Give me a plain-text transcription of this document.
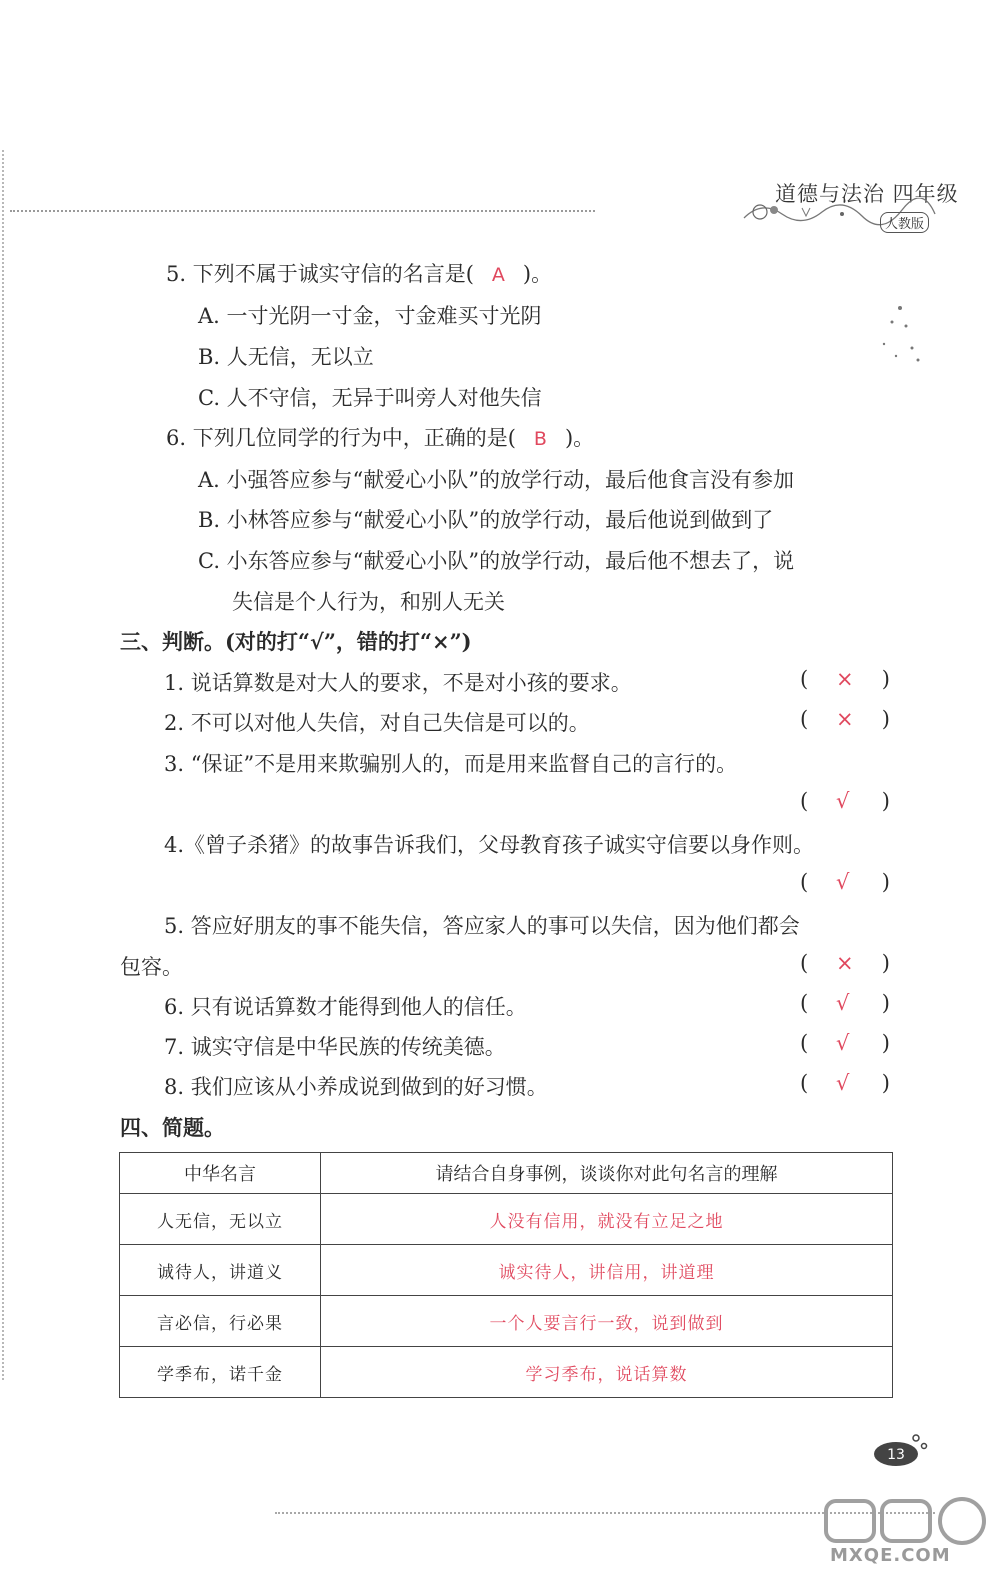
道德与法治 四年级
人教版
5. 下列不属于诚实守信的名言是( A )。
A. 一寸光阴一寸金，寸金难买寸光阴
B. 人无信，无以立
C. 人不守信，无异于叫旁人对他失信
6. 下列几位同学的行为中，正确的是( B )。
A. 小强答应参与“献爱心小队”的放学行动，最后他食言没有参加
B. 小林答应参与“献爱心小队”的放学行动，最后他说到做到了
C. 小东答应参与“献爱心小队”的放学行动，最后他不想去了，说
失信是个人行为，和别人无关
三、判断。(对的打“√”，错的打“×”)
1. 说话算数是对大人的要求，不是对小孩的要求。	( × )
2. 不可以对他人失信，对自己失信是可以的。	( × )
3. “保证”不是用来欺骗别人的，而是用来监督自己的言行的。
( √ )
4.《曾子杀猪》的故事告诉我们，父母教育孩子诚实守信要以身作则。
( √ )
5. 答应好朋友的事不能失信，答应家人的事可以失信，因为他们都会
包容。	( × )
6. 只有说话算数才能得到他人的信任。	( √ )
7. 诚实守信是中华民族的传统美德。	( √ )
8. 我们应该从小养成说到做到的好习惯。	( √ )
四、简题。
中华名言	请结合自身事例，谈谈你对此句名言的理解
人无信，无以立	人没有信用，就没有立足之地
诚待人，讲道义	诚实待人，讲信用，讲道理
言必信，行必果	一个人要言行一致，说到做到
学季布，诺千金	学习季布，说话算数
13
MXQE.COM
